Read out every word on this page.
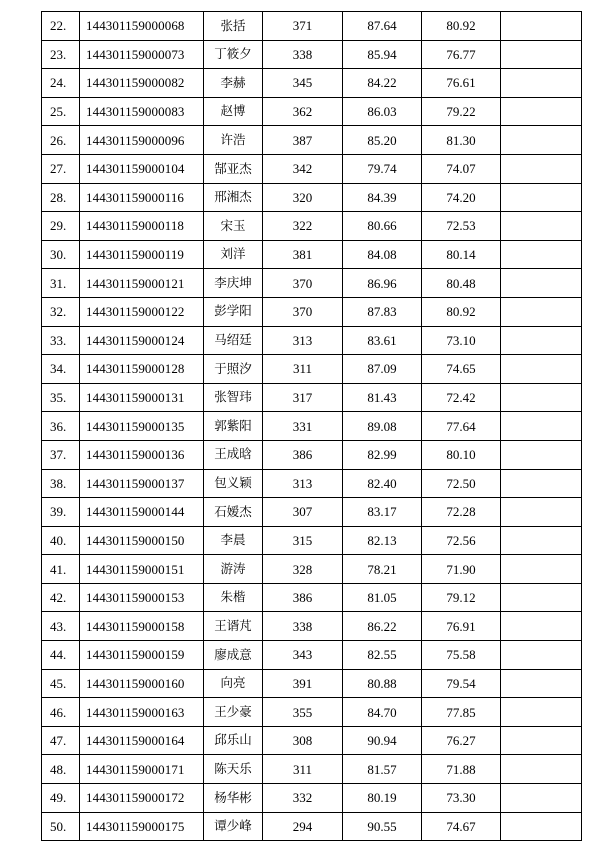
22.	144301159000068	张括	371	87.64	80.92	
23.	144301159000073	丁筱夕	338	85.94	76.77	
24.	144301159000082	李赫	345	84.22	76.61	
25.	144301159000083	赵博	362	86.03	79.22	
26.	144301159000096	许浩	387	85.20	81.30	
27.	144301159000104	郜亚杰	342	79.74	74.07	
28.	144301159000116	邢湘杰	320	84.39	74.20	
29.	144301159000118	宋玉	322	80.66	72.53	
30.	144301159000119	刘洋	381	84.08	80.14	
31.	144301159000121	李庆坤	370	86.96	80.48	
32.	144301159000122	彭学阳	370	87.83	80.92	
33.	144301159000124	马绍廷	313	83.61	73.10	
34.	144301159000128	于照汐	311	87.09	74.65	
35.	144301159000131	张智玮	317	81.43	72.42	
36.	144301159000135	郭紫阳	331	89.08	77.64	
37.	144301159000136	王成晗	386	82.99	80.10	
38.	144301159000137	包义颖	313	82.40	72.50	
39.	144301159000144	石嫒杰	307	83.17	72.28	
40.	144301159000150	李晨	315	82.13	72.56	
41.	144301159000151	游涛	328	78.21	71.90	
42.	144301159000153	朱楷	386	81.05	79.12	
43.	144301159000158	王谞芃	338	86.22	76.91	
44.	144301159000159	廖成意	343	82.55	75.58	
45.	144301159000160	向亮	391	80.88	79.54	
46.	144301159000163	王少豪	355	84.70	77.85	
47.	144301159000164	邱乐山	308	90.94	76.27	
48.	144301159000171	陈天乐	311	81.57	71.88	
49.	144301159000172	杨华彬	332	80.19	73.30	
50.	144301159000175	谭少峰	294	90.55	74.67	
